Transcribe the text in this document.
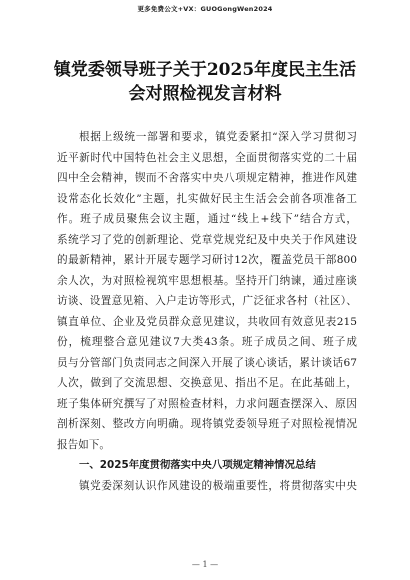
更多免费公文+VX：GUOGongWen2024
镇党委领导班子关于2025年度民主生活
会对照检视发言材料
根据上级统一部署和要求，镇党委紧扣“深入学习贯彻习
近平新时代中国特色社会主义思想，全面贯彻落实党的二十届
四中全会精神，锲而不舍落实中央八项规定精神，推进作风建
设常态化长效化”主题，扎实做好民主生活会会前各项准备工
作。班子成员聚焦会议主题，通过“线上+线下”结合方式，
系统学习了党的创新理论、党章党规党纪及中央关于作风建设
的最新精神，累计开展专题学习研讨12次，覆盖党员干部800
余人次，为对照检视筑牢思想根基。坚持开门纳谏，通过座谈
访谈、设置意见箱、入户走访等形式，广泛征求各村（社区）、
镇直单位、企业及党员群众意见建议，共收回有效意见表215
份，梳理整合意见建议7大类43条。班子成员之间、班子成
员与分管部门负责同志之间深入开展了谈心谈话，累计谈话67
人次，做到了交流思想、交换意见、指出不足。在此基础上，
班子集体研究撰写了对照检查材料，力求问题查摆深入、原因
剖析深刻、整改方向明确。现将镇党委领导班子对照检视情况
报告如下。
一、2025年度贯彻落实中央八项规定精神情况总结
镇党委深刻认识作风建设的极端重要性，将贯彻落实中央
— 1 —
